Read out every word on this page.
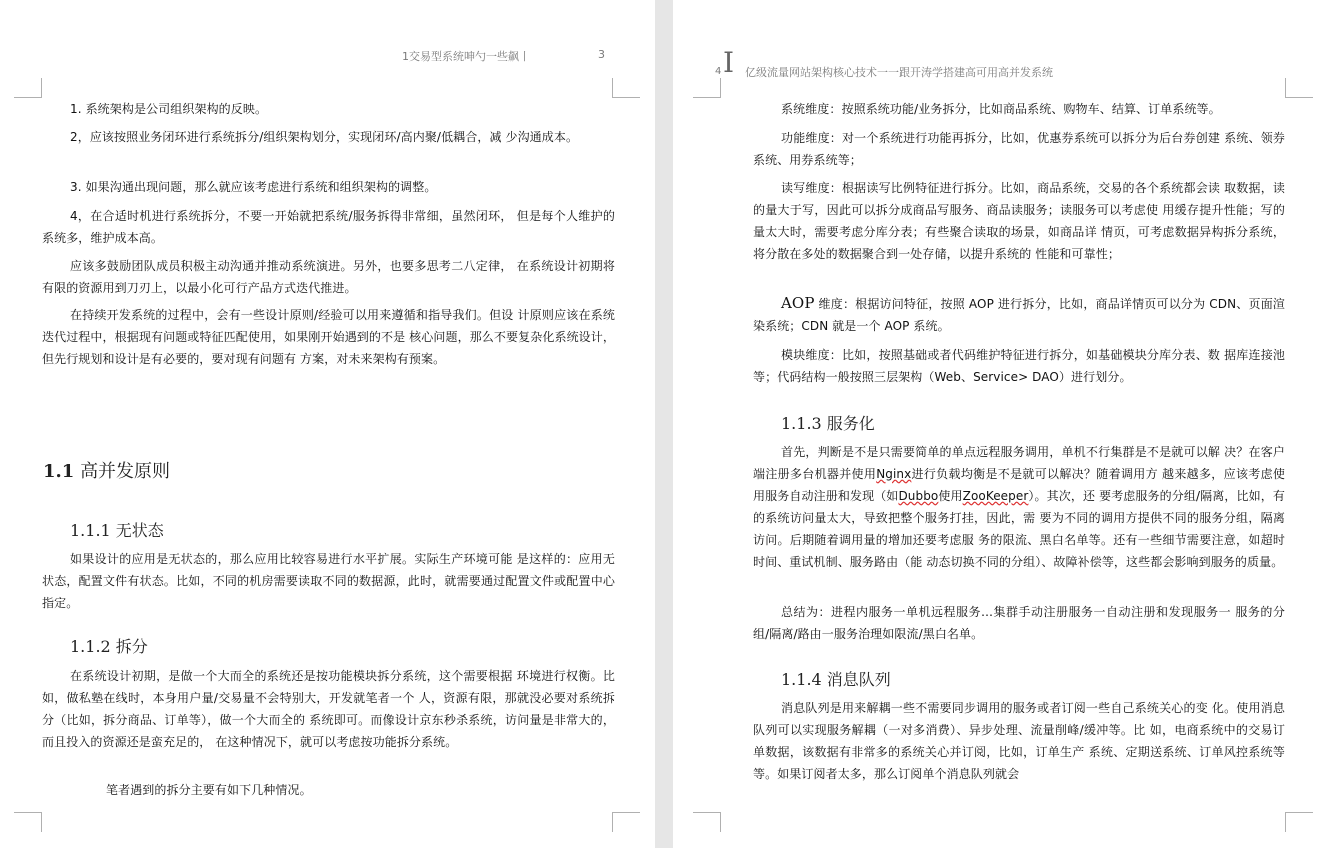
1交易型系统呻勺一些飙丨	3
1. 系统架构是公司组织架构的反映。
2，应该按照业务闭环进行系统拆分/组织架构划分，实现闭环/高内聚/低耦合，减 少沟通成本。
3. 如果沟通出现问题，那么就应该考虑进行系统和组织架构的调整。
4，在合适时机进行系统拆分，不要一开始就把系统/服务拆得非常细，虽然闭环， 但是每个人维护的系统多，维护成本高。
应该多鼓励团队成员积极主动沟通并推动系统演进。另外，也要多思考二八定律， 在系统设计初期将有限的资源用到刀刃上，以最小化可行产品方式迭代推进。
在持续开发系统的过程中，会有一些设计原则/经验可以用来遵循和指导我们。但设 计原则应该在系统迭代过程中，根据现有问题或特征匹配使用，如果刚开始遇到的不是 核心问题，那么不要复杂化系统设计，但先行规划和设计是有必要的，要对现有问题有 方案，对未来架构有预案。
1.1 高并发原则
1.1.1 无状态
如果设计的应用是无状态的，那么应用比较容易进行水平扩展。实际生产环境可能 是这样的：应用无状态，配置文件有状态。比如，不同的机房需要读取不同的数据源，此时，就需要通过配置文件或配置中心指定。
1.1.2 拆分
在系统设计初期，是做一个大而全的系统还是按功能模块拆分系统，这个需要根据 环境进行权衡。比如，做私塾在线时，本身用户量/交易量不会特别大，开发就笔者一个 人，资源有限，那就没必要对系统拆分（比如，拆分商品、订单等），做一个大而全的 系统即可。而像设计京东秒杀系统，访问量是非常大的，而且投入的资源还是蛮充足的， 在这种情况下，就可以考虑按功能拆分系统。
笔者遇到的拆分主要有如下几种情况。
4 I 亿级流量网站架构核心技术一一跟开涛学搭建高可用高并发系统
系统维度：按照系统功能/业务拆分，比如商品系统、购物车、结算、订单系统等。
功能维度：对一个系统进行功能再拆分，比如，优惠券系统可以拆分为后台券创建 系统、领券系统、用券系统等；
读写维度：根据读写比例特征进行拆分。比如，商品系统，交易的各个系统都会读 取数据，读的量大于写，因此可以拆分成商品写服务、商品读服务；读服务可以考虑使 用缓存提升性能；写的量太大时，需要考虑分库分表；有些聚合读取的场景，如商品详 情页，可考虑数据异构拆分系统，将分散在多处的数据聚合到一处存储，以提升系统的 性能和可靠性；
AOP 维度：根据访问特征，按照 AOP 进行拆分，比如，商品详情页可以分为 CDN、页面渲染系统；CDN 就是一个 AOP 系统。
模块维度：比如，按照基础或者代码维护特征进行拆分，如基础模块分库分表、数 据库连接池等；代码结构一般按照三层架构（Web、Service> DAO）进行划分。
1.1.3 服务化
首先，判断是不是只需要简单的单点远程服务调用，单机不行集群是不是就可以解 决？在客户端注册多台机器并使用Nginx进行负载均衡是不是就可以解决？随着调用方 越来越多，应该考虑使用服务自动注册和发现（如Dubbo使用ZooKeeper）。其次，还 要考虑服务的分组/隔离，比如，有的系统访问量太大，导致把整个服务打挂，因此，需 要为不同的调用方提供不同的服务分组，隔离访问。后期随着调用量的增加还要考虑服 务的限流、黑白名单等。还有一些细节需要注意，如超时时间、重试机制、服务路由（能 动态切换不同的分组）、故障补偿等，这些都会影响到服务的质量。
总结为：进程内服务一单机远程服务…集群手动注册服务一自动注册和发现服务一 服务的分组/隔离/路由一服务治理如限流/黑白名单。
1.1.4 消息队列
消息队列是用来解耦一些不需要同步调用的服务或者订阅一些自己系统关心的变 化。使用消息队列可以实现服务解耦（一对多消费）、异步处理、流量削峰/缓冲等。比 如，电商系统中的交易订单数据，该数据有非常多的系统关心并订阅，比如，订单生产 系统、定期送系统、订单风控系统等等。如果订阅者太多，那么订阅单个消息队列就会
